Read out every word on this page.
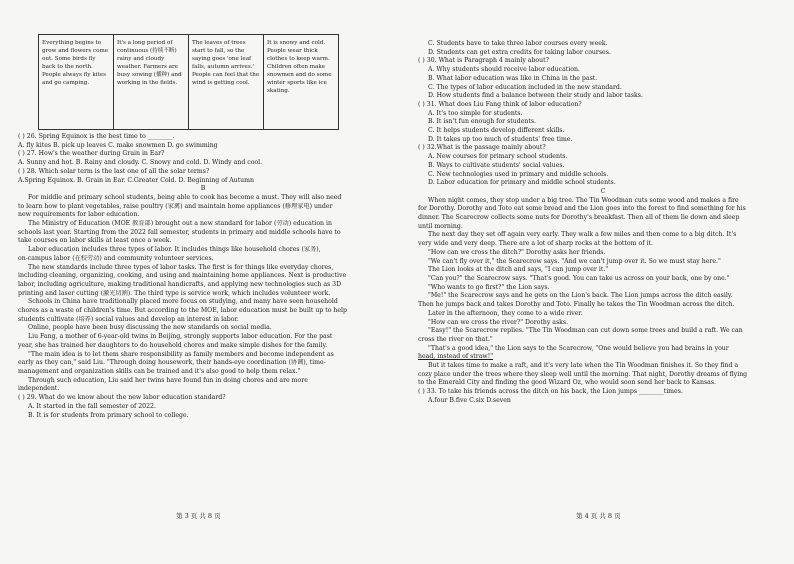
Everything begins to grow and flowers come out. Some birds fly back to the north. People always fly kites and go camping.	It's a long period of continuous (持续不断) rainy and cloudy weather. Farmers are busy sowing (播种) and working in the fields.	The leaves of trees start to fall, so the saying goes 'one leaf falls, autumn arrives.' People can feel that the wind is getting cool.	It is snowy and cold. People wear thick clothes to keep warm. Children often make snowmen and do some winter sports like ice skating.
( ) 26. Spring Equinox is the best time to ________.
A. fly kites B. pick up leaves C. make snowmen D. go swimming
( ) 27. How's the weather during Grain in Ear?
A. Sunny and hot. B. Rainy and cloudy. C. Snowy and cold. D. Windy and cool.
( ) 28. Which solar term is the last one of all the solar terms?
A.Spring Equinox. B. Grain in Ear. C.Greater Cold. D. Beginning of Autumn
B
For middle and primary school students, being able to cook has become a must. They will also need
to learn how to plant vegetables, raise poultry (家禽) and maintain home appliances (修理家电) under
new requirements for labor education.
The Ministry of Education (MOE 教育部) brought out a new standard for labor (劳动) education in
schools last year. Starting from the 2022 fall semester, students in primary and middle schools have to
take courses on labor skills at least once a week.
Labor education includes three types of labor. It includes things like household chores (家务),
on-campus labor (在校劳动) and community volunteer services.
The new standards include three types of labor tasks. The first is for things like everyday chores,
including cleaning, organizing, cooking, and using and maintaining home appliances. Next is productive
labor, including agriculture, making traditional handicrafts, and applying new technologies such as 3D
printing and laser cutting (激光切割). The third type is service work, which includes volunteer work.
Schools in China have traditionally placed more focus on studying, and many have seen household
chores as a waste of children's time. But according to the MOE, labor education must be built up to help
students cultivate (培养) social values and develop an interest in labor.
Online, people have been busy discussing the new standards on social media.
Liu Fang, a mother of 6-year-old twins in Beijing, strongly supports labor education. For the past
year, she has trained her daughters to do household chores and make simple dishes for the family.
"The main idea is to let them share responsibility as family members and become independent as
early as they can," said Liu. "Through doing housework, their hands-eye coordination (协调), time-
management and organization skills can be trained and it's also good to help them relax."
Through such education, Liu said her twins have found fun in doing chores and are more
independent.
( ) 29. What do we know about the new labor education standard?
A. It started in the fall semester of 2022.
B. It is for students from primary school to college.
C. Students have to take three labor courses every week.
D. Students can get extra credits for taking labor courses.
( ) 30. What is Paragraph 4 mainly about?
A. Why students should receive labor education.
B. What labor education was like in China in the past.
C. The types of labor education included in the new standard.
D. How students find a balance between their study and labor tasks.
( ) 31. What does Liu Fang think of labor education?
A. It's too simple for students.
B. It isn't fun enough for students.
C. It helps students develop different skills.
D. It takes up too much of students' free time.
( ) 32.What is the passage mainly about?
A. New courses for primary school students.
B. Ways to cultivate students' social values.
C. New technologies used in primary and middle schools.
D. Labor education for primary and middle school students.
C
When night comes, they stop under a big tree. The Tin Woodman cuts some wood and makes a fire
for Dorothy. Dorothy and Toto eat some bread and the Lion goes into the forest to find something for his
dinner. The Scarecrow collects some nuts for Dorothy's breakfast. Then all of them lie down and sleep
until morning.
The next day they set off again very early. They walk a few miles and then come to a big ditch. It's
very wide and very deep. There are a lot of sharp rocks at the bottom of it.
"How can we cross the ditch?" Dorothy asks her friends.
"We can't fly over it," the Scarecrow says. "And we can't jump over it. So we must stay here."
The Lion looks at the ditch and says, "I can jump over it."
"Can you?" the Scarecrow says. "That's good. You can take us across on your back, one by one."
"Who wants to go first?" the Lion says.
"Me!" the Scarecrow says and he gets on the Lion's back. The Lion jumps across the ditch easily.
Then he jumps back and takes Dorothy and Toto. Finally he takes the Tin Woodman across the ditch.
Later in the afternoon, they come to a wide river.
"How can we cross the river?" Dorothy asks.
"Easy!" the Scarecrow replies. "The Tin Woodman can cut down some trees and build a raft. We can
cross the river on that."
"That's a good idea," the Lion says to the Scarecrow, "One would believe you had brains in your
head, instead of straw!"
But it takes time to make a raft, and it's very late when the Tin Woodman finishes it. So they find a
cozy place under the trees where they sleep well until the morning. That night, Dorothy dreams of flying
to the Emerald City and finding the good Wizard Oz, who would soon send her back to Kansas.
( ) 33. To take his friends across the ditch on his back, the Lion jumps ________times.
A.four B.five C.six D.seven
第 3 页 共 8 页	第 4 页 共 8 页
